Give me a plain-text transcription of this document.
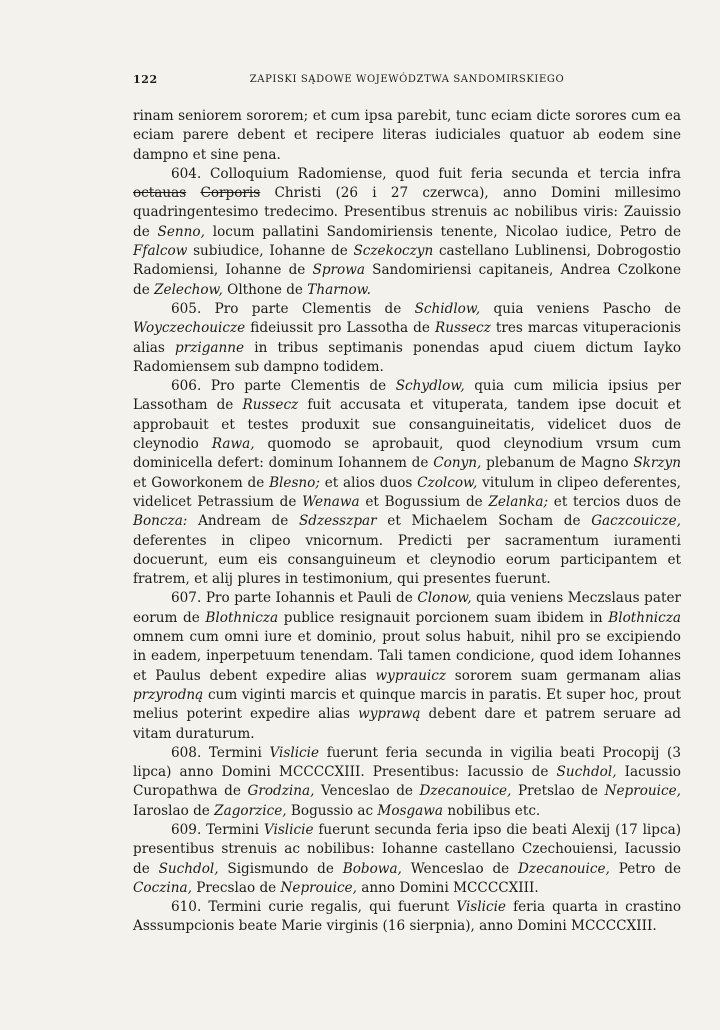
122	ZAPISKI SĄDOWE WOJEWÓDZTWA SANDOMIRSKIEGO

rinam seniorem sororem; et cum ipsa parebit, tunc eciam dicte sorores cum ea eciam parere debent et recipere literas iudiciales quatuor ab eodem sine dampno et sine pena.

604. Colloquium Radomiense, quod fuit feria secunda et tercia infra octauas Corporis Christi (26 i 27 czerwca), anno Domini millesimo quadringentesimo tredecimo. Presentibus strenuis ac nobilibus viris: Zauissio de Senno, locum pallatini Sandomiriensis tenente, Nicolao iudice, Petro de Ffalcow subiudice, Iohanne de Sczekoczyn castellano Lublinensi, Dobrogostio Radomiensi, Iohanne de Sprowa Sandomiriensi capitaneis, Andrea Czolkone de Zelechow, Olthone de Tharnow.

605. Pro parte Clementis de Schidlow, quia veniens Pascho de Woyczechouicze fideiussit pro Lassotha de Russecz tres marcas vituperacionis alias przigannе in tribus septimanis ponendas apud ciuem dictum Iayko Radomiensem sub dampno todidem.

606. Pro parte Clementis de Schydlow, quia cum milicia ipsius per Lassotham de Russecz fuit accusata et vituperata, tandem ipse docuit et approbauit et testes produxit sue consanguineitatis, videlicet duos de cleynodio Rawa, quomodo se aprobauit, quod cleynodium vrsum cum dominicella defert: dominum Iohannem de Conyn, plebanum de Magno Skrzyn et Goworkonem de Blesno; et alios duos Czolcow, vitulum in clipeo deferentes, videlicet Petrassium de Wenawa et Bogussium de Zelanka; et tercios duos de Boncza: Andream de Sdzesszpar et Michaelem Socham de Gaczcouicze, deferentes in clipeo vnicornum. Predicti per sacramentum iuramenti docuerunt, eum eis consanguineum et cleynodio eorum participantem et fratrem, et alij plures in testimonium, qui presentes fuerunt.

607. Pro parte Iohannis et Pauli de Clonow, quia veniens Meczslaus pater eorum de Blothnicza publice resignauit porcionem suam ibidem in Blothnicza omnem cum omni iure et dominio, prout solus habuit, nihil pro se excipiendo in eadem, inperpetuum tenendam. Tali tamen condicione, quod idem Iohannes et Paulus debent expedire alias wyprauicz sororem suam germanam alias przyrodną cum viginti marcis et quinque marcis in paratis. Et super hoc, prout melius poterint expedire alias wyprawą debent dare et patrem seruare ad vitam duraturum.

608. Termini Vislicie fuerunt feria secunda in vigilia beati Procopij (3 lipca) anno Domini MCCCCXIII. Presentibus: Iacussio de Suchdol, Iacussio Curopathwa de Grodzina, Venceslao de Dzecanouice, Pretslao de Neprouice, Iaroslao de Zagorzice, Bogussio ac Mosgawa nobilibus etc.

609. Termini Vislicie fuerunt secunda feria ipso die beati Alexij (17 lipca) presentibus strenuis ac nobilibus: Iohanne castellano Czechouiensi, Iacussio de Suchdol, Sigismundo de Bobowa, Wenceslao de Dzecanouice, Petro de Coczina, Precslao de Neprouice, anno Domini MCCCCXIII.

610. Termini curie regalis, qui fuerunt Vislicie feria quarta in crastino Asssumpcionis beate Marie virginis (16 sierpnia), anno Domini MCCCCXIII.
